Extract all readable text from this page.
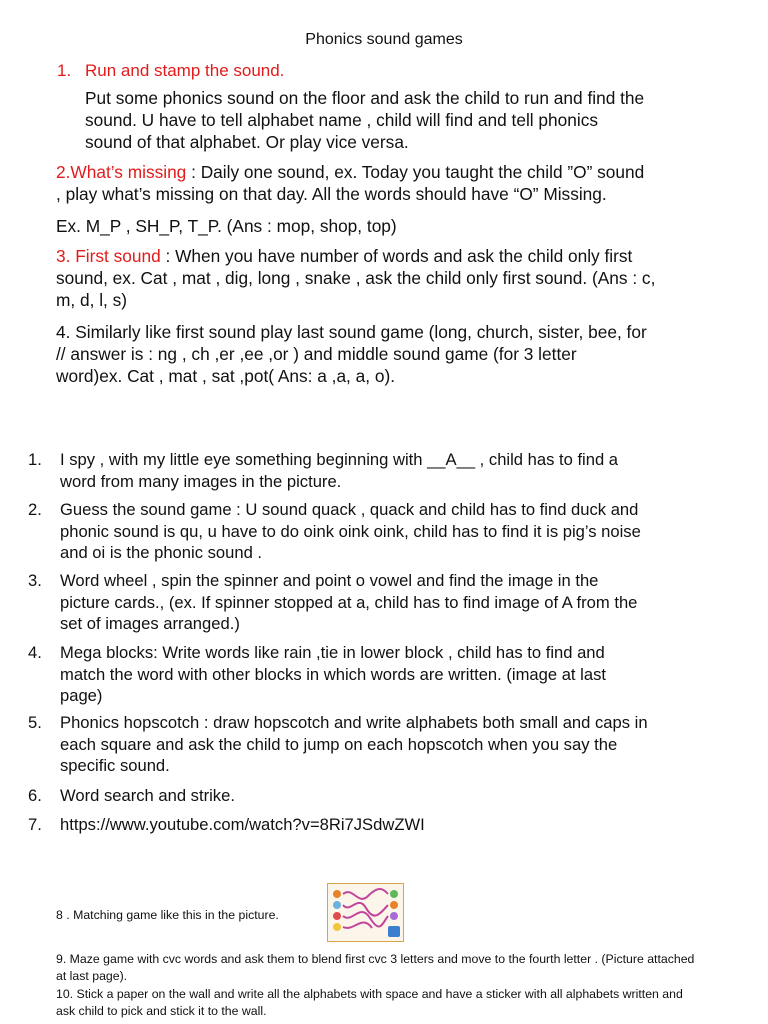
Phonics sound games
1. Run and stamp the sound.
Put some phonics sound on the floor and ask the child to run and find the
sound. U have to tell alphabet name , child will find and tell phonics
sound of that alphabet. Or play vice versa.
2.What’s missing : Daily one sound, ex. Today you taught the child ”O” sound
, play what’s missing on that day. All the words should have “O” Missing.
Ex. M_P , SH_P, T_P. (Ans : mop, shop, top)
3. First sound : When you have number of words and ask the child only first
sound, ex. Cat , mat , dig, long , snake , ask the child only first sound. (Ans : c,
m, d, l, s)
4. Similarly like first sound play last sound game (long, church, sister, bee, for
// answer is : ng , ch ,er ,ee ,or ) and middle sound game (for 3 letter
word)ex. Cat , mat , sat ,pot( Ans: a ,a, a, o).
1.	I spy , with my little eye something beginning with __A__ , child has to find a
word from many images in the picture.
2.	Guess the sound game : U sound quack , quack and child has to find duck and
phonic sound is qu, u have to do oink oink oink, child has to find it is pig’s noise
and oi is the phonic sound .
3.	Word wheel , spin the spinner and point o vowel and find the image in the
picture cards., (ex. If spinner stopped at a, child has to find image of A from the
set of images arranged.)
4.	Mega blocks: Write words like rain ,tie in lower block , child has to find and
match the word with other blocks in which words are written. (image at last
page)
5.	Phonics hopscotch : draw hopscotch and write alphabets both small and caps in
each square and ask the child to jump on each hopscotch when you say the
specific sound.
6.	Word search and strike.
7.	https://www.youtube.com/watch?v=8Ri7JSdwZWI
8 . Matching game like this in the picture.
9. Maze game with cvc words and ask them to blend first cvc 3 letters and move to the fourth letter . (Picture attached
at last page).
10. Stick a paper on the wall and write all the alphabets with space and have a sticker with all alphabets written and
ask child to pick and stick it to the wall.
